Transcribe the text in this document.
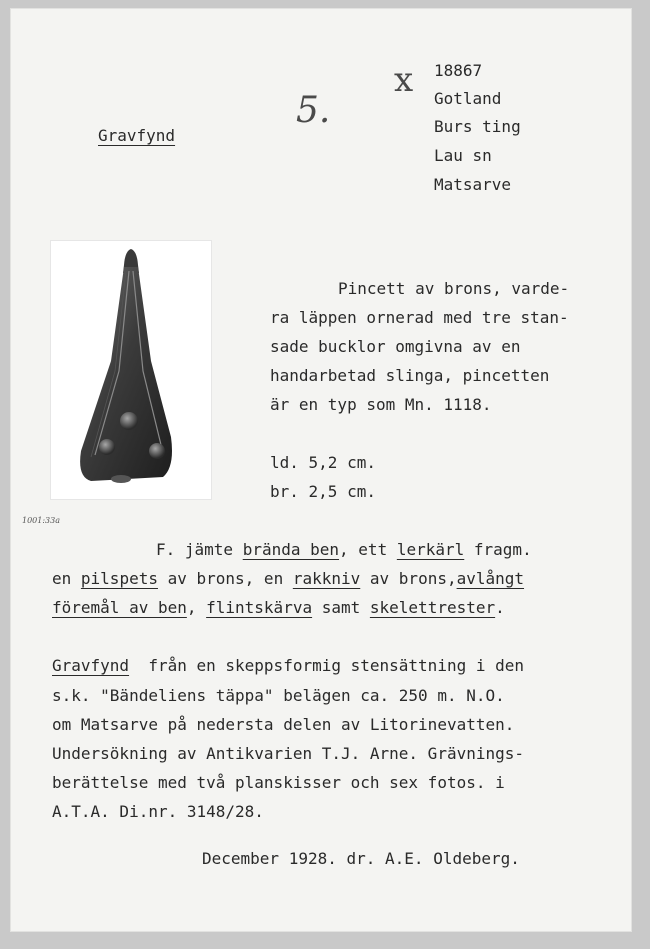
Gravfynd
5.
x 18867
Gotland
Burs ting
Lau sn
Matsarve
1001:33a
Pincett av brons, varde-
ra läppen ornerad med tre stan-
sade bucklor omgivna av en
handarbetad slinga, pincetten
är en typ som Mn. 1118.
ld. 5,2 cm.
br. 2,5 cm.
F. jämte brända ben, ett lerkärl fragm.
en pilspets av brons, en rakkniv av brons,avlångt
föremål av ben, flintskärva samt skelettrester.
Gravfynd  från en skeppsformig stensättning i den
s.k. "Bändeliens täppa" belägen ca. 250 m. N.O.
om Matsarve på nedersta delen av Litorinevatten.
Undersökning av Antikvarien T.J. Arne. Grävnings-
berättelse med två planskisser och sex fotos. i
A.T.A. Di.nr. 3148/28.
December 1928. dr. A.E. Oldeberg.
